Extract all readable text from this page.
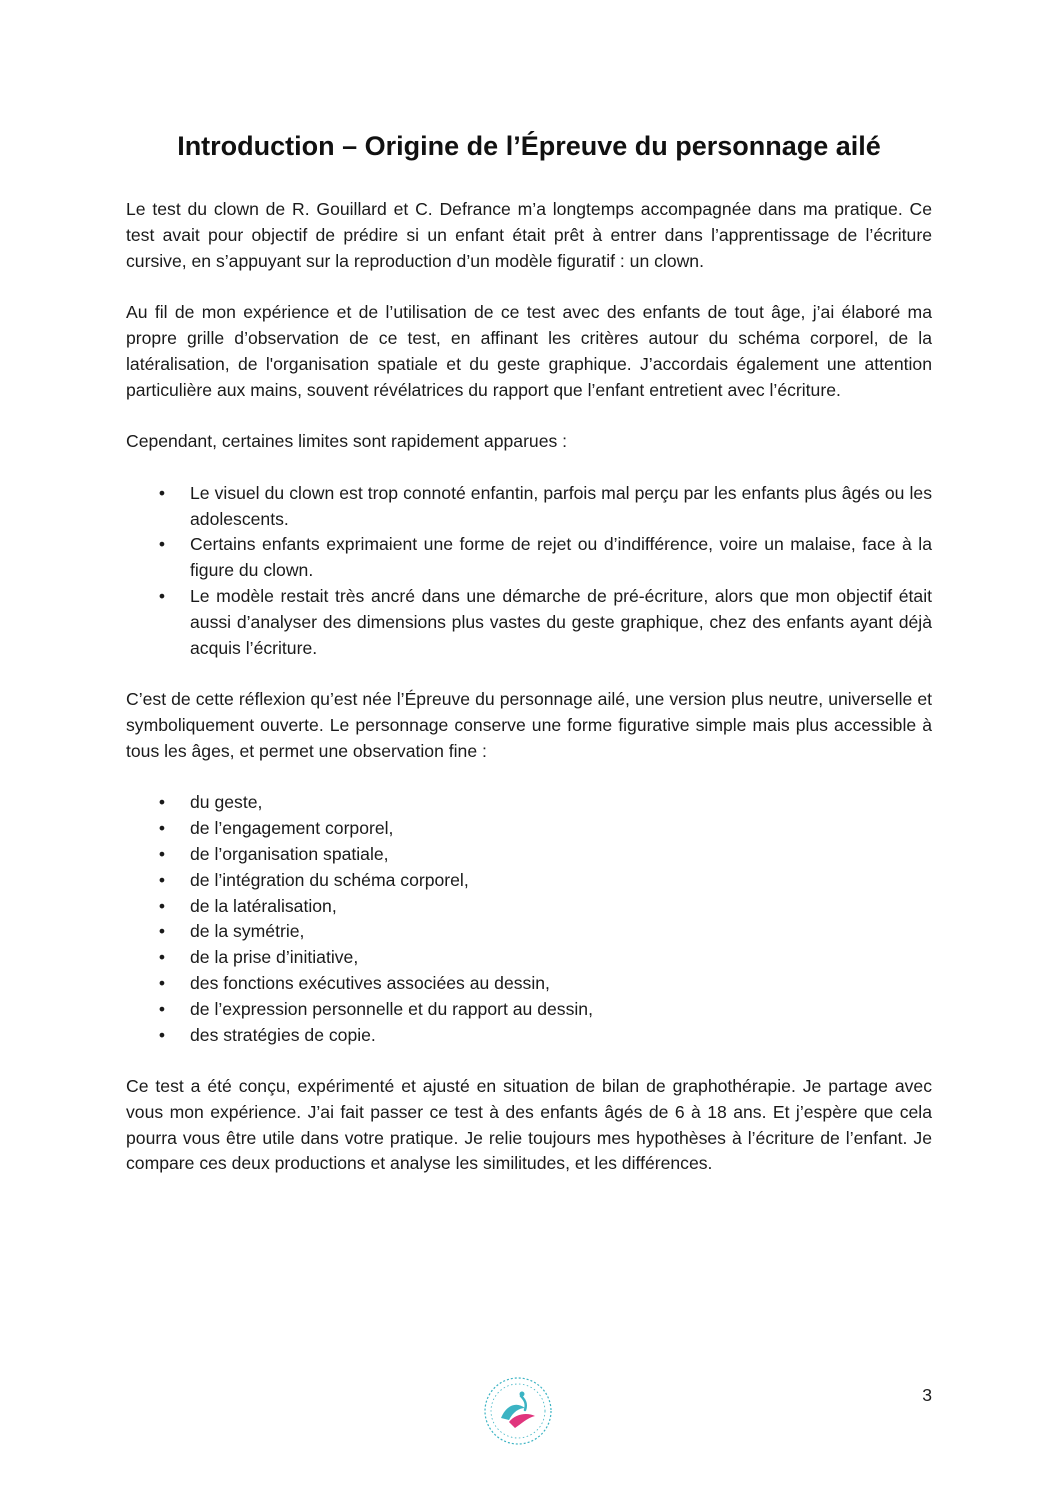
Introduction – Origine de l’Épreuve du personnage ailé

Le test du clown de R. Gouillard et C. Defrance m’a longtemps accompagnée dans ma pratique. Ce test avait pour objectif de prédire si un enfant était prêt à entrer dans l’apprentissage de l’écriture cursive, en s’appuyant sur la reproduction d’un modèle figuratif : un clown.

Au fil de mon expérience et de l’utilisation de ce test avec des enfants de tout âge, j’ai élaboré ma propre grille d’observation de ce test, en affinant les critères autour du schéma corporel, de la latéralisation, de l'organisation spatiale et du geste graphique. J’accordais également une attention particulière aux mains, souvent révélatrices du rapport que l’enfant entretient avec l’écriture.

Cependant, certaines limites sont rapidement apparues :

• Le visuel du clown est trop connoté enfantin, parfois mal perçu par les enfants plus âgés ou les adolescents.
• Certains enfants exprimaient une forme de rejet ou d’indifférence, voire un malaise, face à la figure du clown.
• Le modèle restait très ancré dans une démarche de pré-écriture, alors que mon objectif était aussi d’analyser des dimensions plus vastes du geste graphique, chez des enfants ayant déjà acquis l’écriture.

C’est de cette réflexion qu’est née l’Épreuve du personnage ailé, une version plus neutre, universelle et symboliquement ouverte. Le personnage conserve une forme figurative simple mais plus accessible à tous les âges, et permet une observation fine :

• du geste,
• de l’engagement corporel,
• de l’organisation spatiale,
• de l’intégration du schéma corporel,
• de la latéralisation,
• de la symétrie,
• de la prise d’initiative,
• des fonctions exécutives associées au dessin,
• de l’expression personnelle et du rapport au dessin,
• des stratégies de copie.

Ce test a été conçu, expérimenté et ajusté en situation de bilan de graphothérapie. Je partage avec vous mon expérience. J’ai fait passer ce test à des enfants âgés de 6 à 18 ans. Et j’espère que cela pourra vous être utile dans votre pratique. Je relie toujours mes hypothèses à l’écriture de l’enfant. Je compare ces deux productions et analyse les similitudes, et les différences.

3
